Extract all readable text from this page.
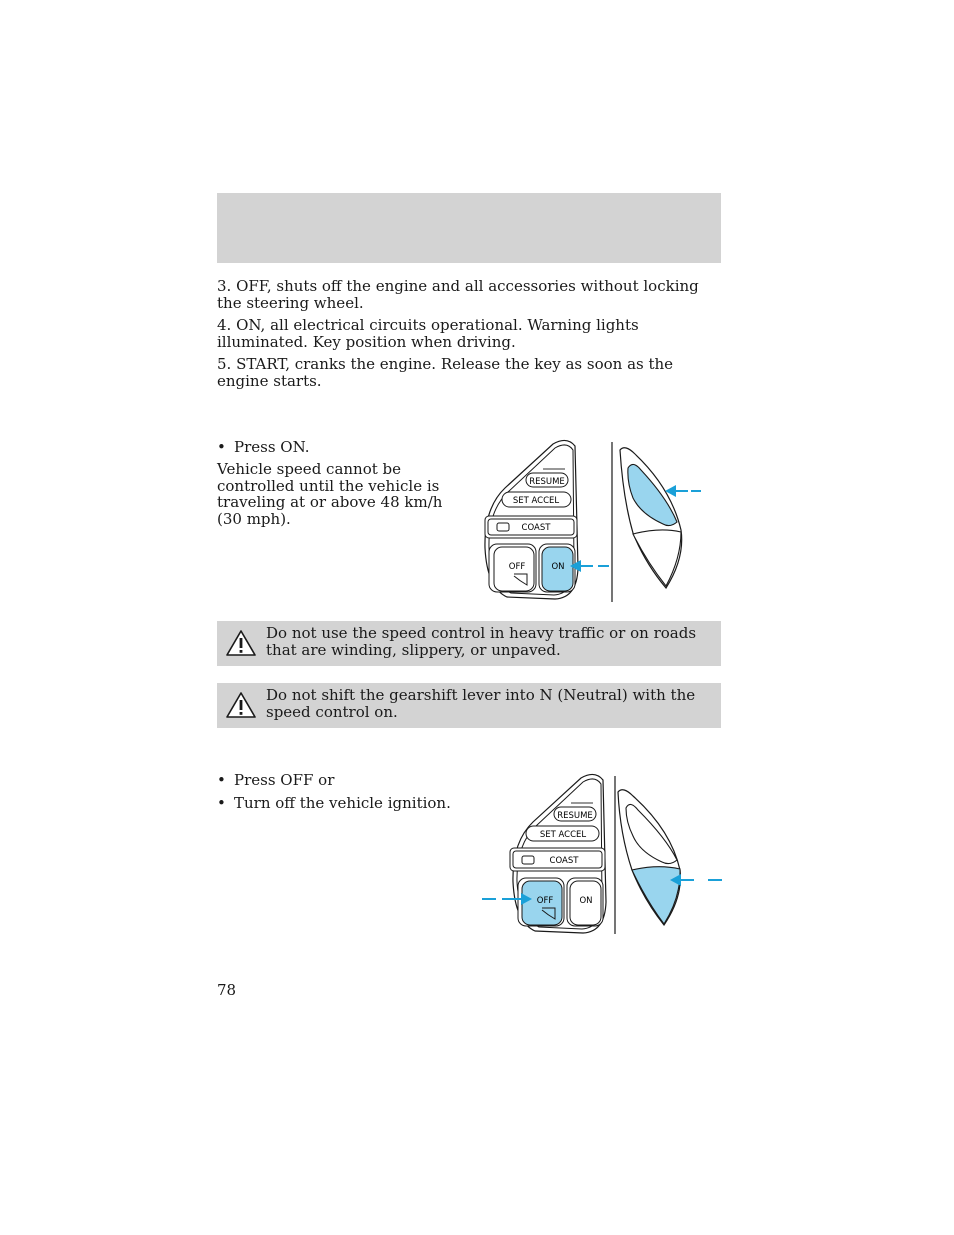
3. OFF, shuts off the engine and all accessories without locking the steering wheel.

4. ON, all electrical circuits operational. Warning lights illuminated. Key position when driving.

5. START, cranks the engine. Release the key as soon as the engine starts.

• Press ON.

Vehicle speed cannot be controlled until the vehicle is traveling at or above 48 km/h (30 mph).

RESUME
SET ACCEL
COAST
OFF	ON
Do not use the speed control in heavy traffic or on roads that are winding, slippery, or unpaved.
Do not shift the gearshift lever into N (Neutral) with the speed control on.
• Press OFF or
• Turn off the vehicle ignition.
RESUME
SET ACCEL
COAST
OFF	ON
78
